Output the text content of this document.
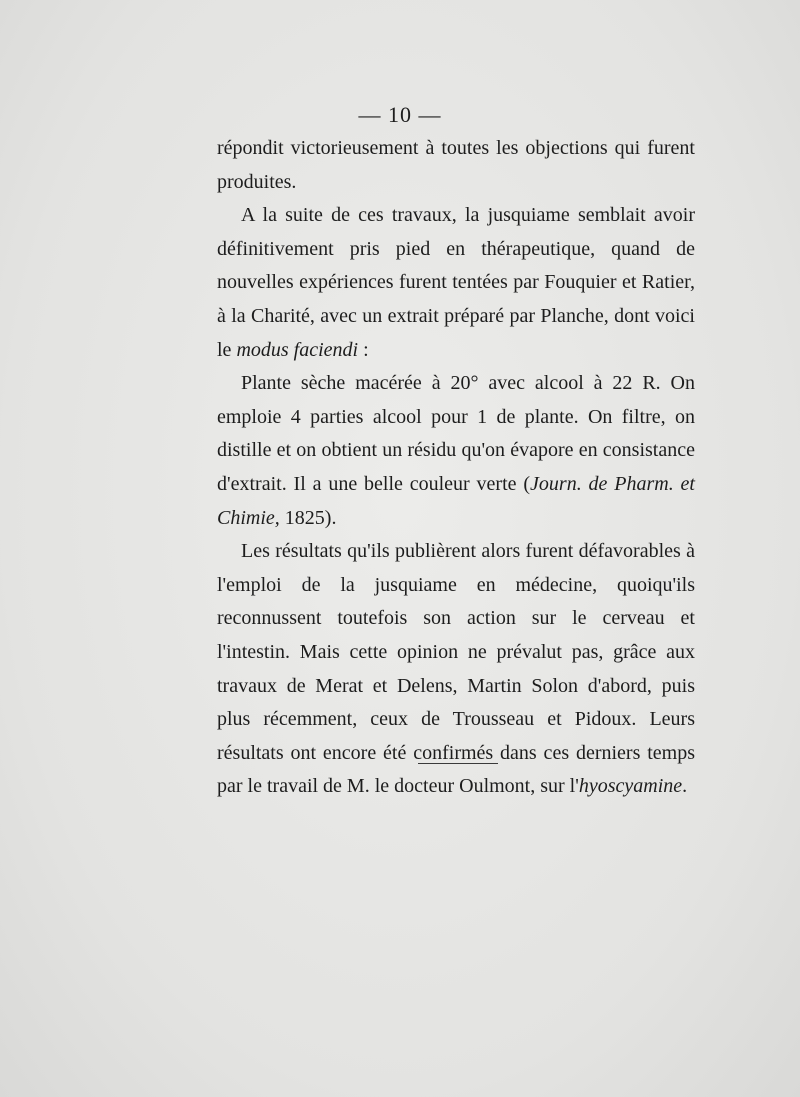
— 10 —

répondit victorieusement à toutes les objections qui furent produites.

A la suite de ces travaux, la jusquiame semblait avoir définitivement pris pied en thérapeutique, quand de nouvelles expériences furent tentées par Fouquier et Ratier, à la Charité, avec un extrait préparé par Planche, dont voici le modus faciendi :

Plante sèche macérée à 20° avec alcool à 22 R. On emploie 4 parties alcool pour 1 de plante. On filtre, on distille et on obtient un résidu qu'on évapore en consistance d'extrait. Il a une belle couleur verte (Journ. de Pharm. et Chimie, 1825).

Les résultats qu'ils publièrent alors furent défavorables à l'emploi de la jusquiame en médecine, quoiqu'ils reconnussent toutefois son action sur le cerveau et l'intestin. Mais cette opinion ne prévalut pas, grâce aux travaux de Merat et Delens, Martin Solon d'abord, puis plus récemment, ceux de Trousseau et Pidoux. Leurs résultats ont encore été confirmés dans ces derniers temps par le travail de M. le docteur Oulmont, sur l'hyoscyamine.
